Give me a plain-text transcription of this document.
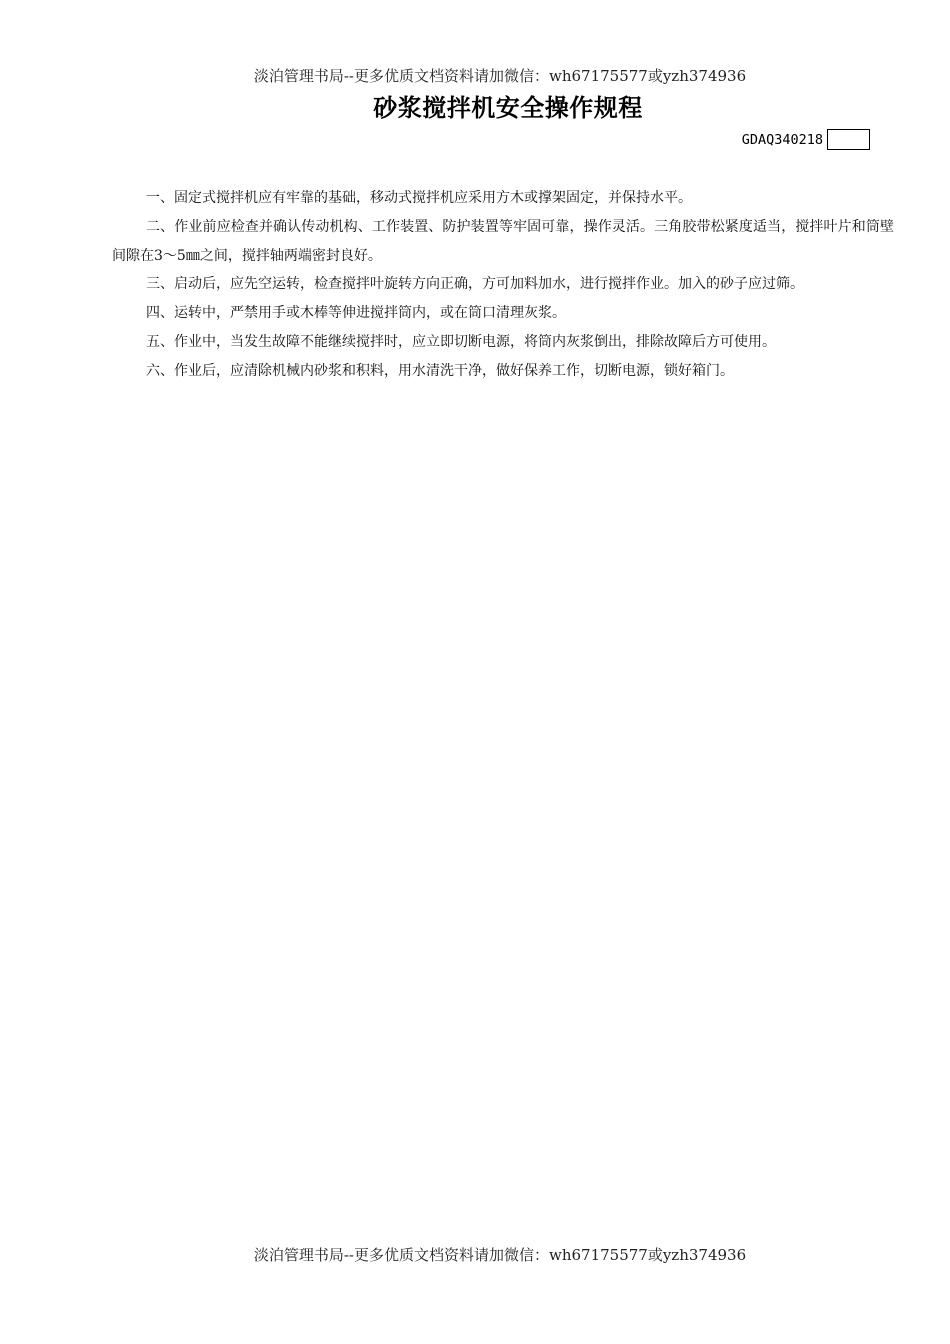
淡泊管理书局--更多优质文档资料请加微信：wh67175577或yzh374936
砂浆搅拌机安全操作规程
GDAQ340218

一、固定式搅拌机应有牢靠的基础，移动式搅拌机应采用方木或撑架固定，并保持水平。

二、作业前应检查并确认传动机构、工作装置、防护装置等牢固可靠，操作灵活。三角胶带松紧度适当，搅拌叶片和筒壁间隙在3～5㎜之间，搅拌轴两端密封良好。

三、启动后，应先空运转，检查搅拌叶旋转方向正确，方可加料加水，进行搅拌作业。加入的砂子应过筛。

四、运转中，严禁用手或木棒等伸进搅拌筒内，或在筒口清理灰浆。

五、作业中，当发生故障不能继续搅拌时，应立即切断电源，将筒内灰浆倒出，排除故障后方可使用。

六、作业后，应清除机械内砂浆和积料，用水清洗干净，做好保养工作，切断电源，锁好箱门。

淡泊管理书局--更多优质文档资料请加微信：wh67175577或yzh374936
